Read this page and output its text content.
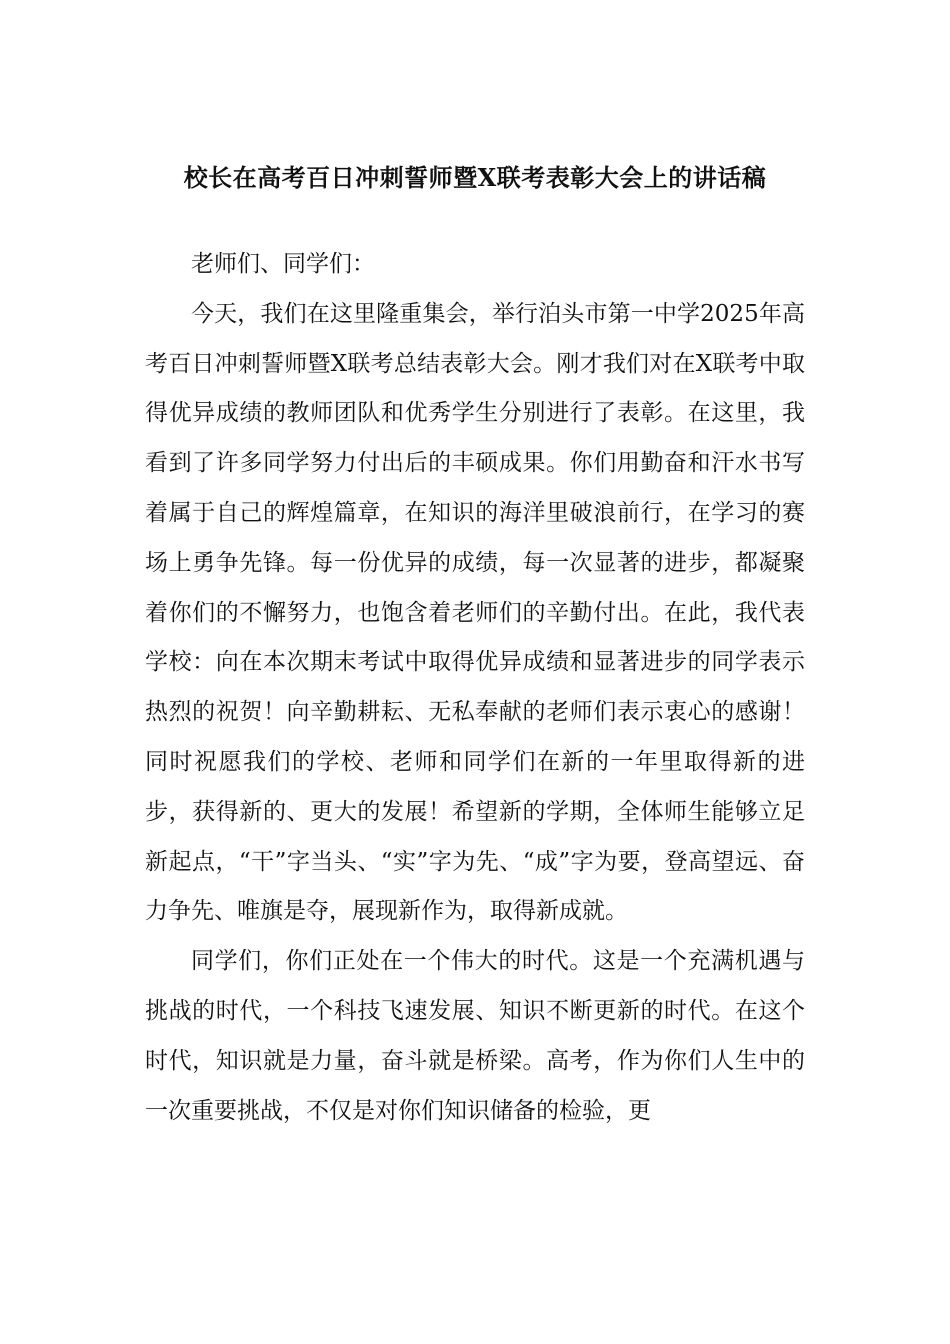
校长在高考百日冲刺誓师暨X联考表彰大会上的讲话稿

老师们、同学们：

今天，我们在这里隆重集会，举行泊头市第一中学2025年高考百日冲刺誓师暨X联考总结表彰大会。刚才我们对在X联考中取得优异成绩的教师团队和优秀学生分别进行了表彰。在这里，我看到了许多同学努力付出后的丰硕成果。你们用勤奋和汗水书写着属于自己的辉煌篇章，在知识的海洋里破浪前行，在学习的赛场上勇争先锋。每一份优异的成绩，每一次显著的进步，都凝聚着你们的不懈努力，也饱含着老师们的辛勤付出。在此，我代表学校：向在本次期末考试中取得优异成绩和显著进步的同学表示热烈的祝贺！向辛勤耕耘、无私奉献的老师们表示衷心的感谢！同时祝愿我们的学校、老师和同学们在新的一年里取得新的进步，获得新的、更大的发展！希望新的学期，全体师生能够立足新起点，“干”字当头、“实”字为先、“成”字为要，登高望远、奋力争先、唯旗是夺，展现新作为，取得新成就。

同学们，你们正处在一个伟大的时代。这是一个充满机遇与挑战的时代，一个科技飞速发展、知识不断更新的时代。在这个时代，知识就是力量，奋斗就是桥梁。高考，作为你们人生中的一次重要挑战，不仅是对你们知识储备的检验，更
